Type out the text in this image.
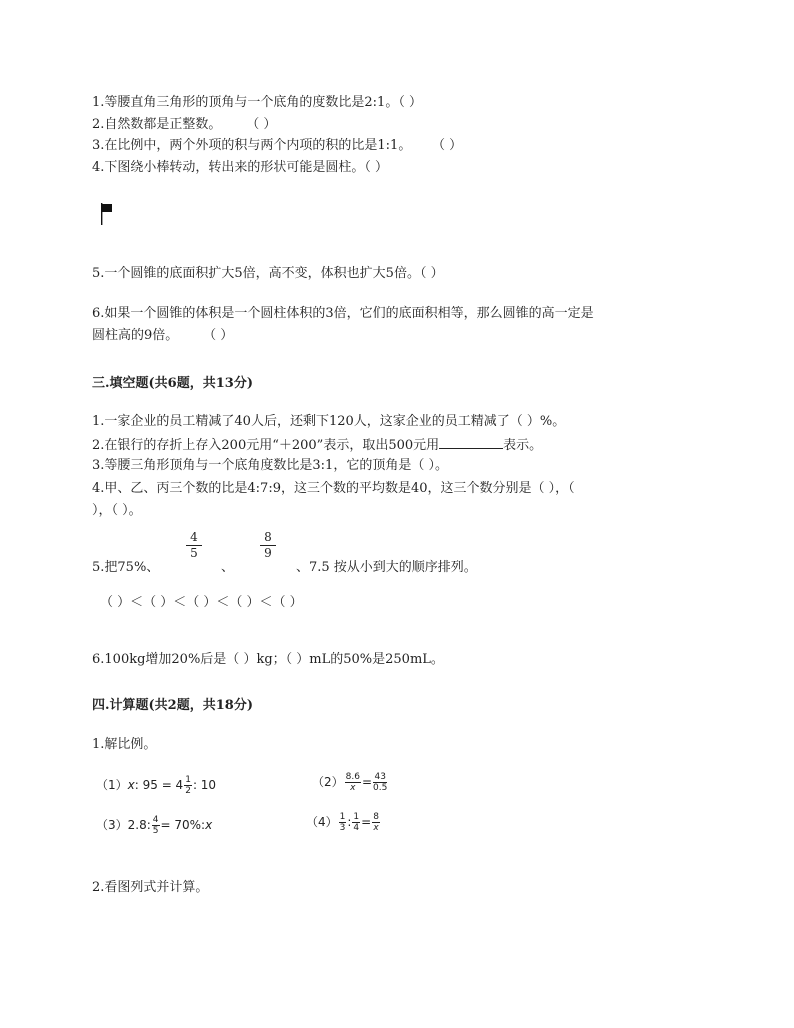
1.等腰直角三角形的顶角与一个底角的度数比是2:1。（ ）
2.自然数都是正整数。      （ ）
3.在比例中，两个外项的积与两个内项的积的比是1:1。     （ ）
4.下图绕小棒转动，转出来的形状可能是圆柱。（ ）
5.一个圆锥的底面积扩大5倍，高不变，体积也扩大5倍。（ ）
6.如果一个圆锥的体积是一个圆柱体积的3倍，它们的底面积相等，那么圆锥的高一定是
圆柱高的9倍。      （ ）
三.填空题(共6题，共13分)
1.一家企业的员工精减了40人后，还剩下120人，这家企业的员工精减了（ ）%。
2.在银行的存折上存入200元用“＋200”表示，取出500元用	表示。
3.等腰三角形顶角与一个底角度数比是3:1，它的顶角是（ ）。
4.甲、乙、丙三个数的比是4:7:9，这三个数的平均数是40，这三个数分别是（ ），（
），（ ）。
4
5
8
9
5.把75%、	、	、7.5 按从小到大的顺序排列。
（ ）＜（ ）＜（ ）＜（ ）＜（ ）
6.100kg增加20%后是（ ）kg；（ ）mL的50%是250mL。
四.计算题(共2题，共18分)
1.解比例。
（1）x: $95 = 4 \frac{1}{2}$ : 10	$(2) \frac{8.6}{x} = \frac{43}{0.5}$
（3）2.8: $\frac{4}{5}$ = 70%:x	$(4) \frac{1}{3}$ : $\frac{1}{4} = \frac{8}{x}$
2.看图列式并计算。
